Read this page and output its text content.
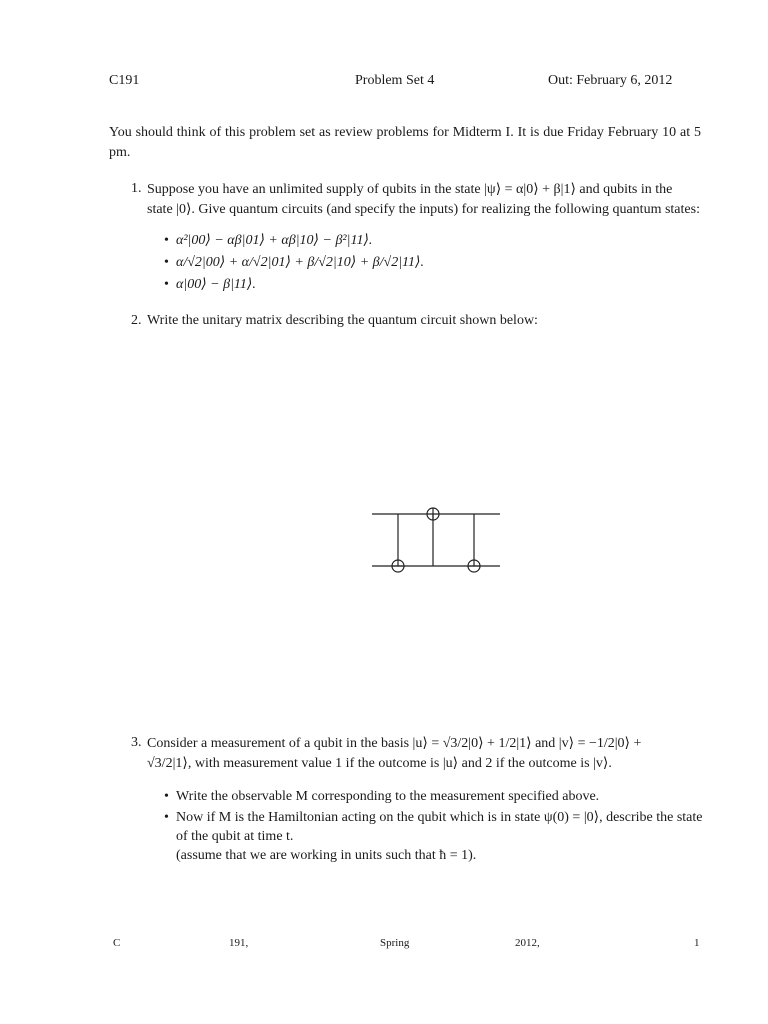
C191	Problem Set 4	Out: February 6, 2012
You should think of this problem set as review problems for Midterm I. It is due Friday February 10 at 5 pm.
1. Suppose you have an unlimited supply of qubits in the state |ψ⟩ = α|0⟩ + β|1⟩ and qubits in the
state |0⟩. Give quantum circuits (and specify the inputs) for realizing the following quantum states:
• α²|00⟩ − αβ|01⟩ + αβ|10⟩ − β²|11⟩.
• α/√2|00⟩ + α/√2|01⟩ + β/√2|10⟩ + β/√2|11⟩.
• α|00⟩ − β|11⟩.
2. Write the unitary matrix describing the quantum circuit shown below:
3. Consider a measurement of a qubit in the basis |u⟩ = √3/2|0⟩ + 1/2|1⟩ and |v⟩ = −1/2|0⟩ +
√3/2|1⟩, with measurement value 1 if the outcome is |u⟩ and 2 if the outcome is |v⟩.
• Write the observable M corresponding to the measurement specified above.
• Now if M is the Hamiltonian acting on the qubit which is in state ψ(0) = |0⟩, describe the state
of the qubit at time t.
(assume that we are working in units such that ħ = 1).
C	191,	Spring	2012,	1
